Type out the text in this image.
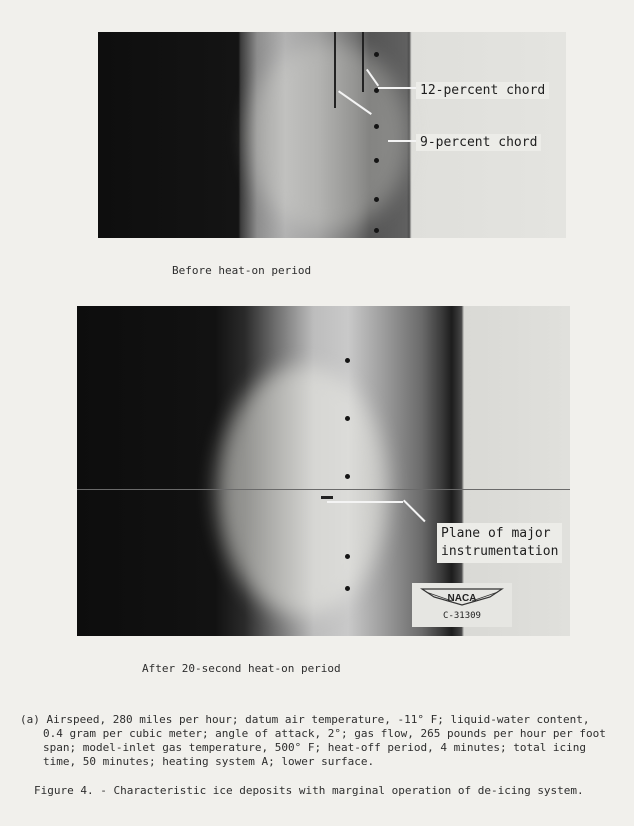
12-percent chord
9-percent chord
Before heat-on period
NACA
C-31309
Plane of major
instrumentation
After 20-second heat-on period
(a) Airspeed, 280 miles per hour; datum air temperature, -11° F; liquid-water content,
0.4 gram per cubic meter; angle of attack, 2°; gas flow, 265 pounds per hour per foot
span; model-inlet gas temperature, 500° F; heat-off period, 4 minutes; total icing
time, 50 minutes; heating system A; lower surface.
Figure 4. - Characteristic ice deposits with marginal operation of de-icing system.
